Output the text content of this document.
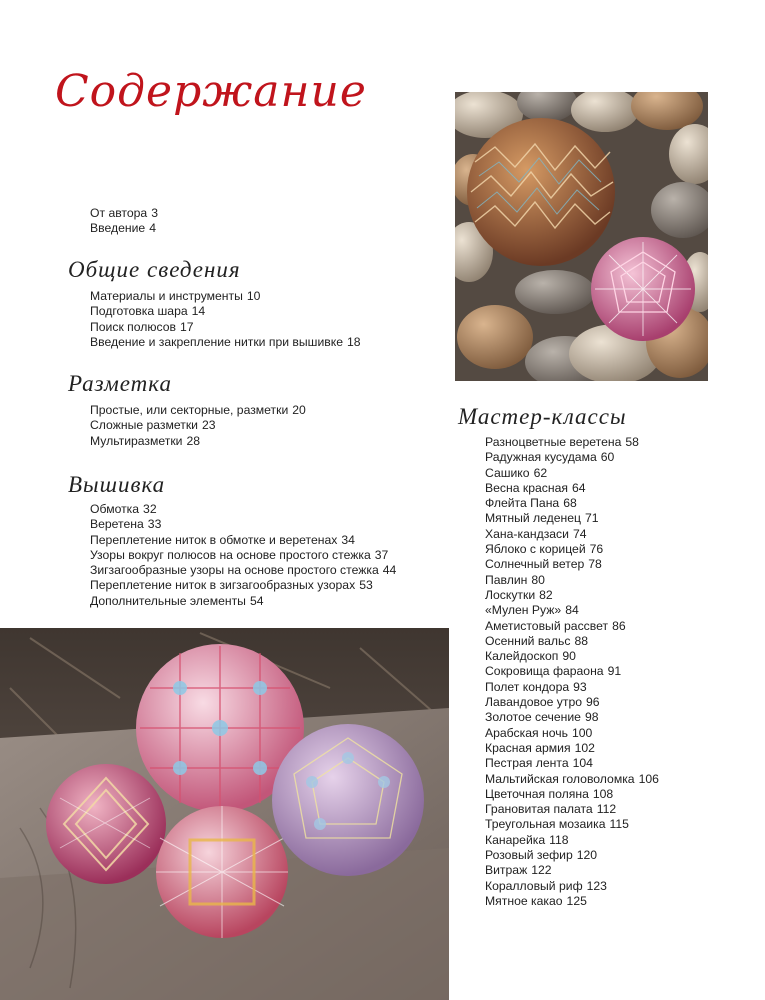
Содержание
От автора 3
Введение 4
Общие сведения
Материалы и инструменты 10
Подготовка шара 14
Поиск полюсов 17
Введение и закрепление нитки при вышивке 18
Разметка
Простые, или секторные, разметки 20
Сложные разметки 23
Мультиразметки 28
Вышивка
Обмотка 32
Веретена 33
Переплетение ниток в обмотке и веретенах 34
Узоры вокруг полюсов на основе простого стежка 37
Зигзагообразные узоры на основе простого стежка 44
Переплетение ниток в зигзагообразных узорах 53
Дополнительные элементы 54
Мастер-классы
Разноцветные веретена 58
Радужная кусудама 60
Сашико 62
Весна красная 64
Флейта Пана 68
Мятный леденец 71
Хана-кандзаси 74
Яблоко с корицей 76
Солнечный ветер 78
Павлин 80
Лоскутки 82
«Мулен Руж» 84
Аметистовый рассвет 86
Осенний вальс 88
Калейдоскоп 90
Сокровища фараона 91
Полет кондора 93
Лавандовое утро 96
Золотое сечение 98
Арабская ночь 100
Красная армия 102
Пестрая лента 104
Мальтийская головоломка 106
Цветочная поляна 108
Грановитая палата 112
Треугольная мозаика 115
Канарейка 118
Розовый зефир 120
Витраж 122
Коралловый риф 123
Мятное какао 125
